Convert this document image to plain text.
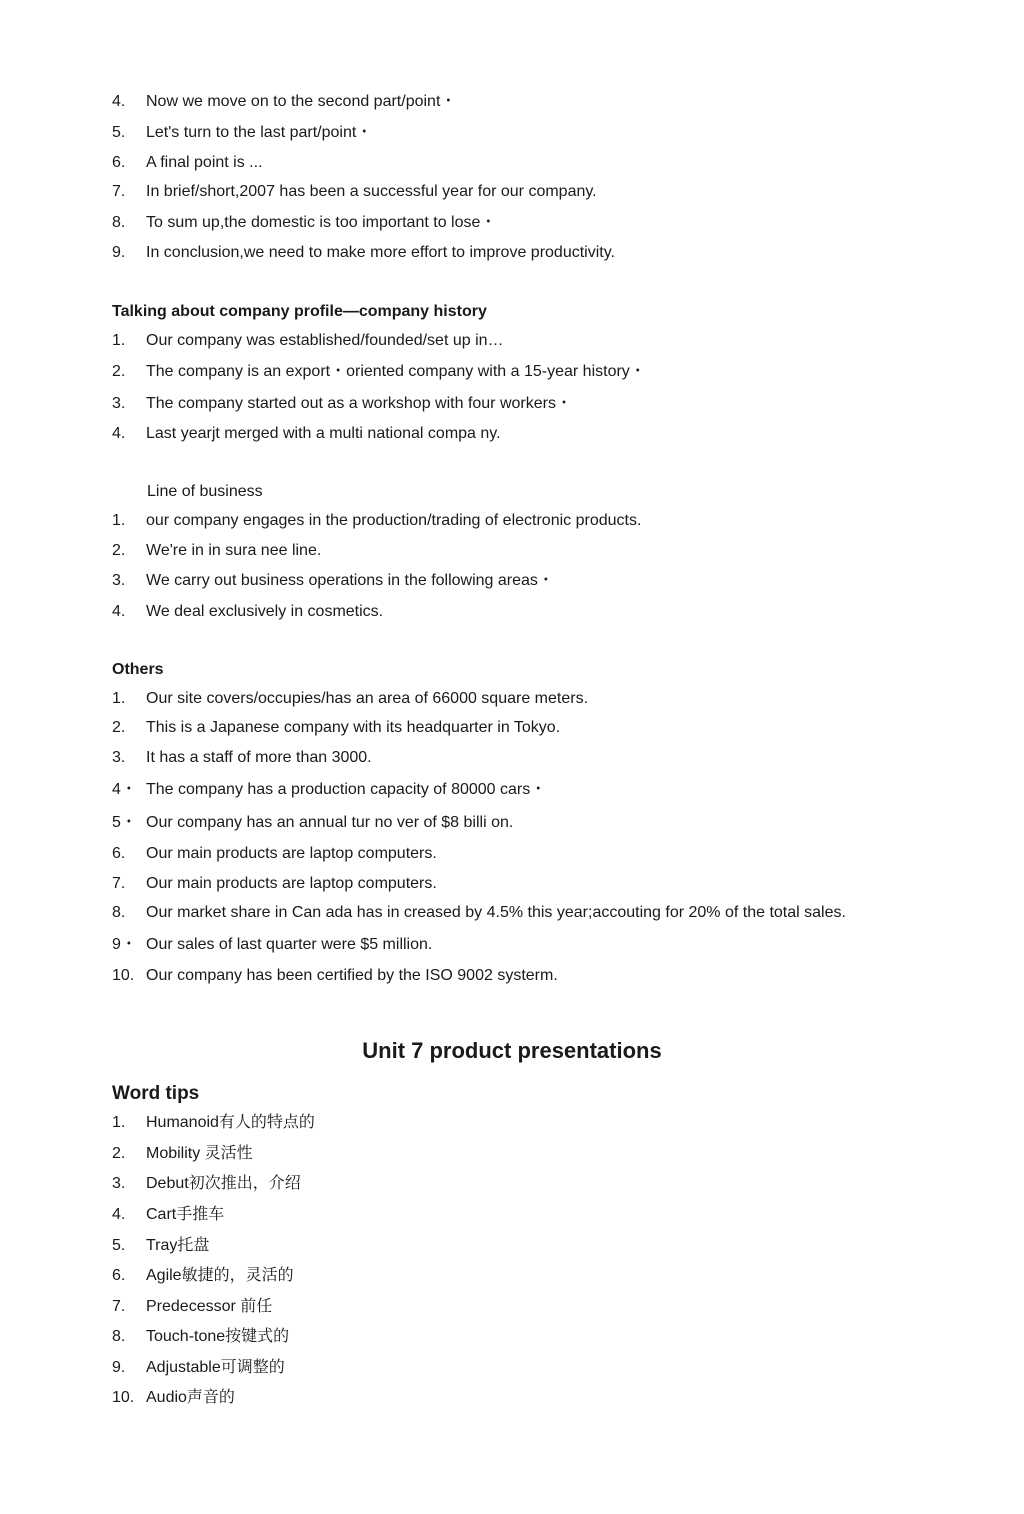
4. Now we move on to the second part/point・
5. Let's turn to the last part/point・
6. A final point is ...
7. In brief/short,2007 has been a successful year for our company.
8. To sum up,the domestic is too important to lose・
9. In conclusion,we need to make more effort to improve productivity.
Talking about company profile—company history
1. Our company was established/founded/set up in…
2. The company is an export・oriented company with a 15-year history・
3. The company started out as a workshop with four workers・
4. Last yearjt merged with a multi national compa ny.
Line of business
1. our company engages in the production/trading of electronic products.
2. We're in in sura nee line.
3. We carry out business operations in the following areas・
4. We deal exclusively in cosmetics.
Others
1. Our site covers/occupies/has an area of 66000 square meters.
2. This is a Japanese company with its headquarter in Tokyo.
3. It has a staff of more than 3000.
4・ The company has a production capacity of 80000 cars・
5・ Our company has an annual tur no ver of $8 billi on.
6. Our main products are laptop computers.
7. Our main products are laptop computers.
8. Our market share in Can ada has in creased by 4.5% this year;accouting for 20% of the total sales.
9・ Our sales of last quarter were $5 million.
10. Our company has been certified by the ISO 9002 systerm.
Unit 7 product presentations
Word tips
1. Humanoid有人的特点的
2. Mobility 灵活性
3. Debut初次推出，介绍
4. Cart手推车
5. Tray托盘
6. Agile敏捷的，灵活的
7. Predecessor 前任
8. Touch-tone按键式的
9. Adjustable可调整的
10. Audio声音的
